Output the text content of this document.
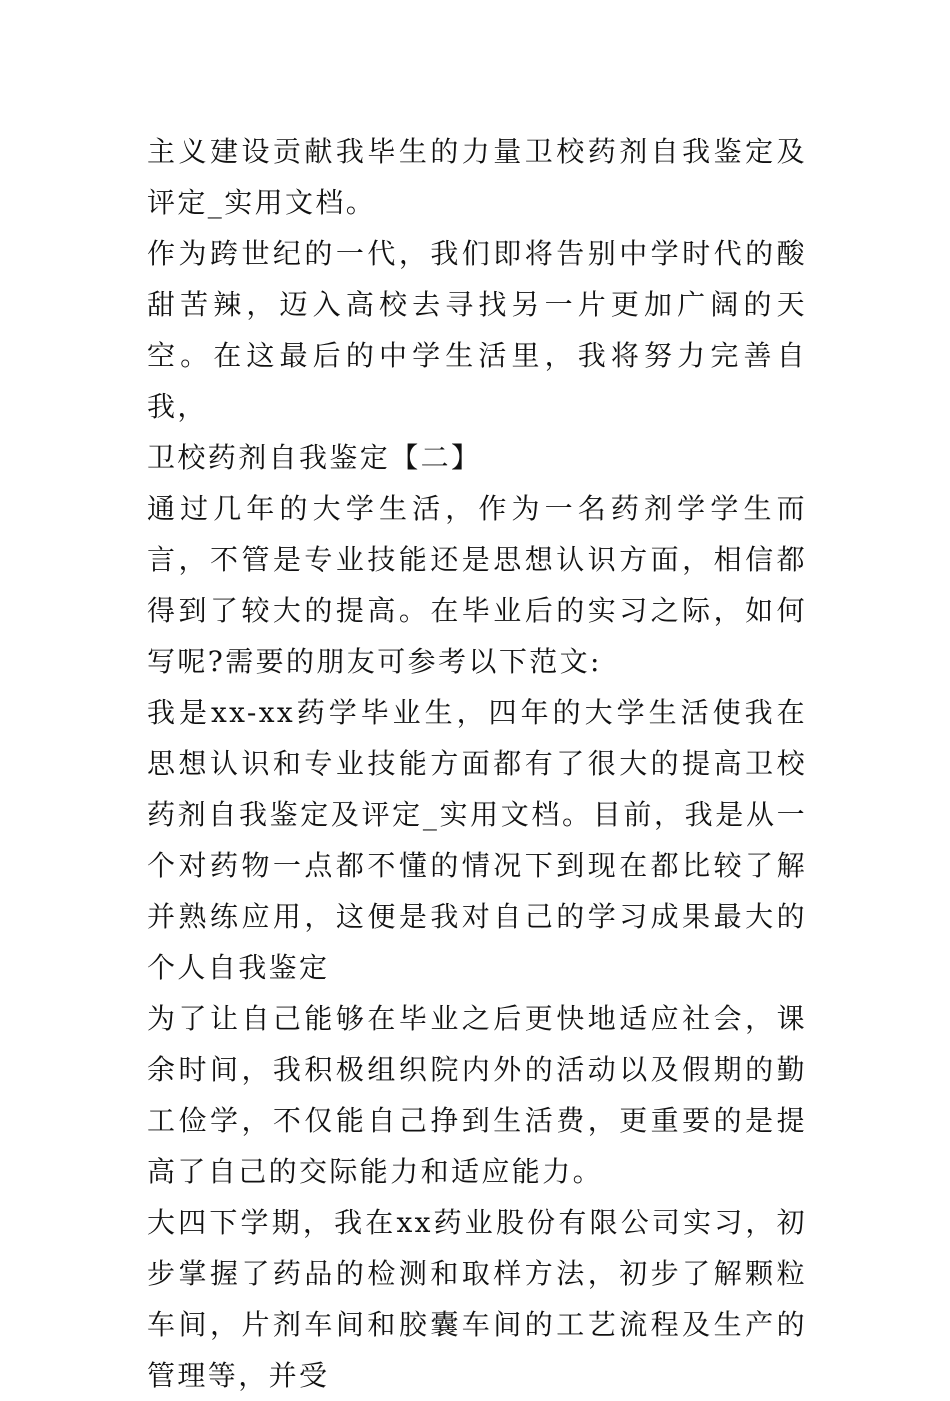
主义建设贡献我毕生的力量卫校药剂自我鉴定及评定_实用文档。

作为跨世纪的一代，我们即将告别中学时代的酸甜苦辣，迈入高校去寻找另一片更加广阔的天空。在这最后的中学生活里，我将努力完善自我，

卫校药剂自我鉴定【二】

通过几年的大学生活，作为一名药剂学学生而言，不管是专业技能还是思想认识方面，相信都得到了较大的提高。在毕业后的实习之际，如何写呢?需要的朋友可参考以下范文:

我是xx-xx药学毕业生，四年的大学生活使我在思想认识和专业技能方面都有了很大的提高卫校药剂自我鉴定及评定_实用文档。目前，我是从一个对药物一点都不懂的情况下到现在都比较了解并熟练应用，这便是我对自己的学习成果最大的个人自我鉴定

为了让自己能够在毕业之后更快地适应社会，课余时间，我积极组织院内外的活动以及假期的勤工俭学，不仅能自己挣到生活费，更重要的是提高了自己的交际能力和适应能力。

大四下学期，我在xx药业股份有限公司实习，初步掌握了药品的检测和取样方法，初步了解颗粒车间，片剂车间和胶囊车间的工艺流程及生产的管理等，并受
